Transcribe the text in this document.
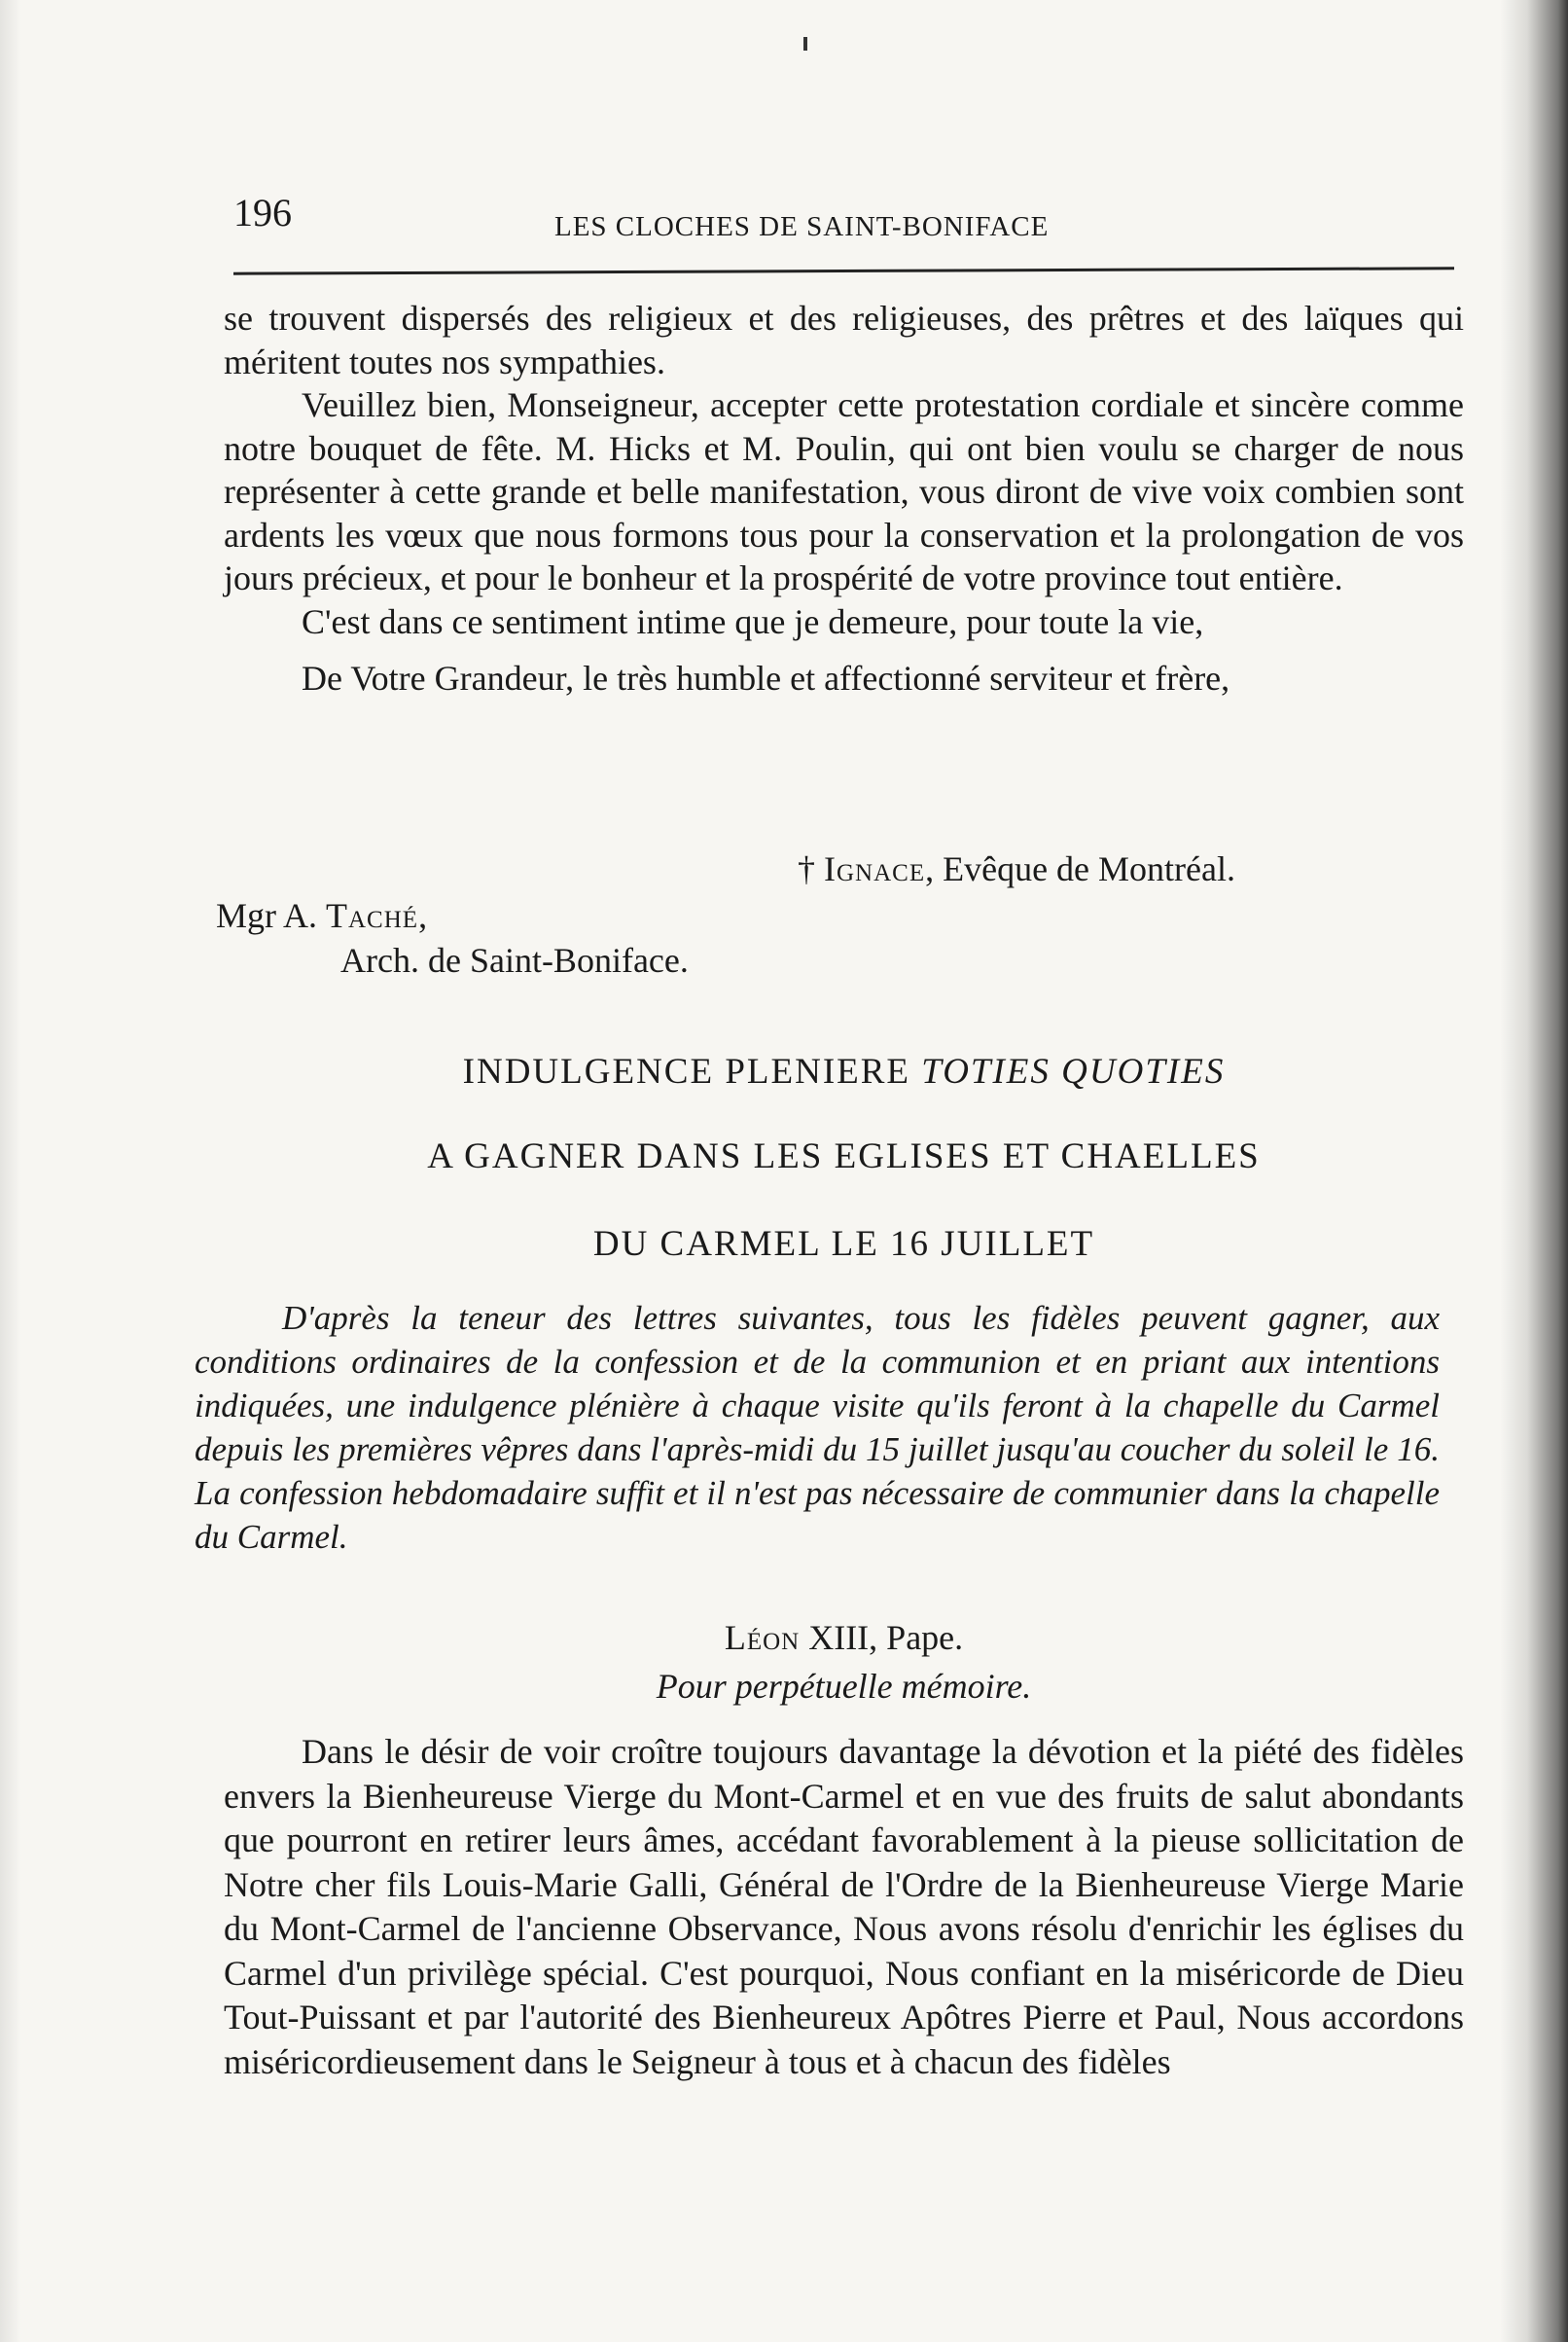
196	LES CLOCHES DE SAINT-BONIFACE

se trouvent dispersés des religieux et des religieuses, des prêtres et des laïques qui méritent toutes nos sympathies.

Veuillez bien, Monseigneur, accepter cette protestation cordiale et sincère comme notre bouquet de fête. M. Hicks et M. Poulin, qui ont bien voulu se charger de nous représenter à cette grande et belle manifestation, vous diront de vive voix combien sont ardents les vœux que nous formons tous pour la conservation et la prolongation de vos jours précieux, et pour le bonheur et la prospérité de votre province tout entière.

C'est dans ce sentiment intime que je demeure, pour toute la vie,

De Votre Grandeur, le très humble et affectionné serviteur et frère,

† Ignace, Evêque de Montréal.
Mgr A. Taché,
Arch. de Saint-Boniface.
INDULGENCE PLENIERE TOTIES QUOTIES
A GAGNER DANS LES EGLISES ET CHAELLES
DU CARMEL LE 16 JUILLET
D'après la teneur des lettres suivantes, tous les fidèles peuvent gagner, aux conditions ordinaires de la confession et de la communion et en priant aux intentions indiquées, une indulgence plénière à chaque visite qu'ils feront à la chapelle du Carmel depuis les premières vêpres dans l'après-midi du 15 juillet jusqu'au coucher du soleil le 16. La confession hebdomadaire suffit et il n'est pas nécessaire de communier dans la chapelle du Carmel.
Léon XIII, Pape.
Pour perpétuelle mémoire.

Dans le désir de voir croître toujours davantage la dévotion et la piété des fidèles envers la Bienheureuse Vierge du Mont-Carmel et en vue des fruits de salut abondants que pourront en retirer leurs âmes, accédant favorablement à la pieuse sollicitation de Notre cher fils Louis-Marie Galli, Général de l'Ordre de la Bienheureuse Vierge Marie du Mont-Carmel de l'ancienne Observance, Nous avons résolu d'enrichir les églises du Carmel d'un privilège spécial. C'est pourquoi, Nous confiant en la miséricorde de Dieu Tout-Puissant et par l'autorité des Bienheureux Apôtres Pierre et Paul, Nous accordons miséricordieusement dans le Seigneur à tous et à chacun des fidèles
